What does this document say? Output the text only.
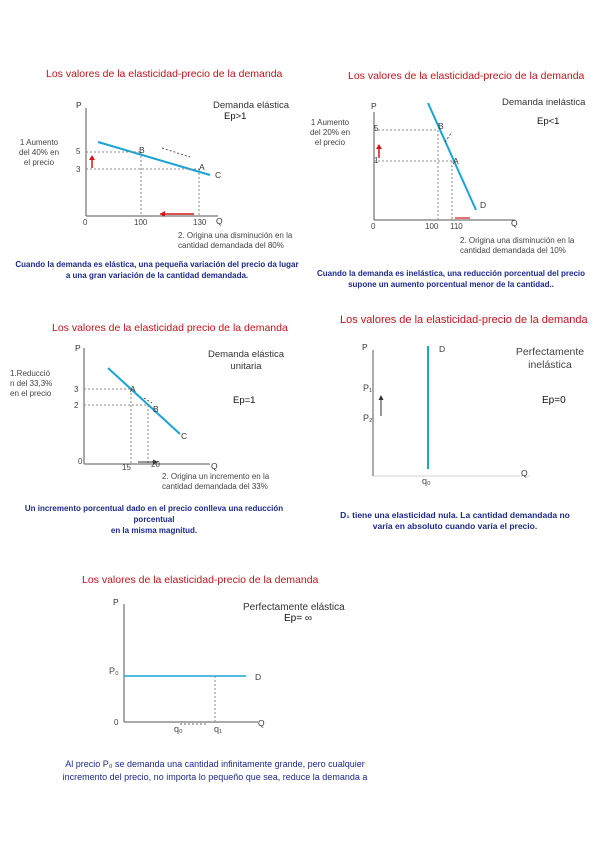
Los valores de la elasticidad-precio de la demanda
P
Q
0
Demanda elástica
Ep>1
1 Aumento
del 40% en
el precio
5
3
100	130
A
B
C
2. Origina una disminución en la
cantidad demandada del 80%
Cuando la demanda es elástica, una pequeña variación del precio da lugar
a una gran variación de la cantidad demandada.
Los valores de la elasticidad-precio de la demanda
P
Q
0
Demanda inelástica
Ep<1
1 Aumento
del 20% en
el precio
5
1
100 110
A
B
D
2. Origina una disminución en la
cantidad demandada del 10%
Cuando la demanda es inelástica, una reducción porcentual del precio
supone un aumento porcentual menor de la cantidad..
Los valores de la elasticidad precio de la demanda
P
Q
0
Demanda elástica
unitaria
Ep=1
1.Reducció
n del 33,3%
en el precio	3
2
15	20
A
B
C
2. Origina un incremento en la
cantidad demandada del 33%
Un incremento porcentual dado en el precio conlleva una reducción porcentual
en la misma magnitud.
Los valores de la elasticidad-precio de la demanda
P
Q
D	Perfectamente
inelástica
Ep=0
P₁
P₂
q₀
D₁ tiene una elasticidad nula. La cantidad demandada no
varía en absoluto cuando varía el precio.
Los valores de la elasticidad-precio de la demanda
P
Q
0
Perfectamente elástica
Ep= ∞
P₀
D
q₀	q₁
Al precio P₀ se demanda una cantidad infinitamente grande, pero cualquier
incremento del precio, no importa lo pequeño que sea, reduce la demanda a
